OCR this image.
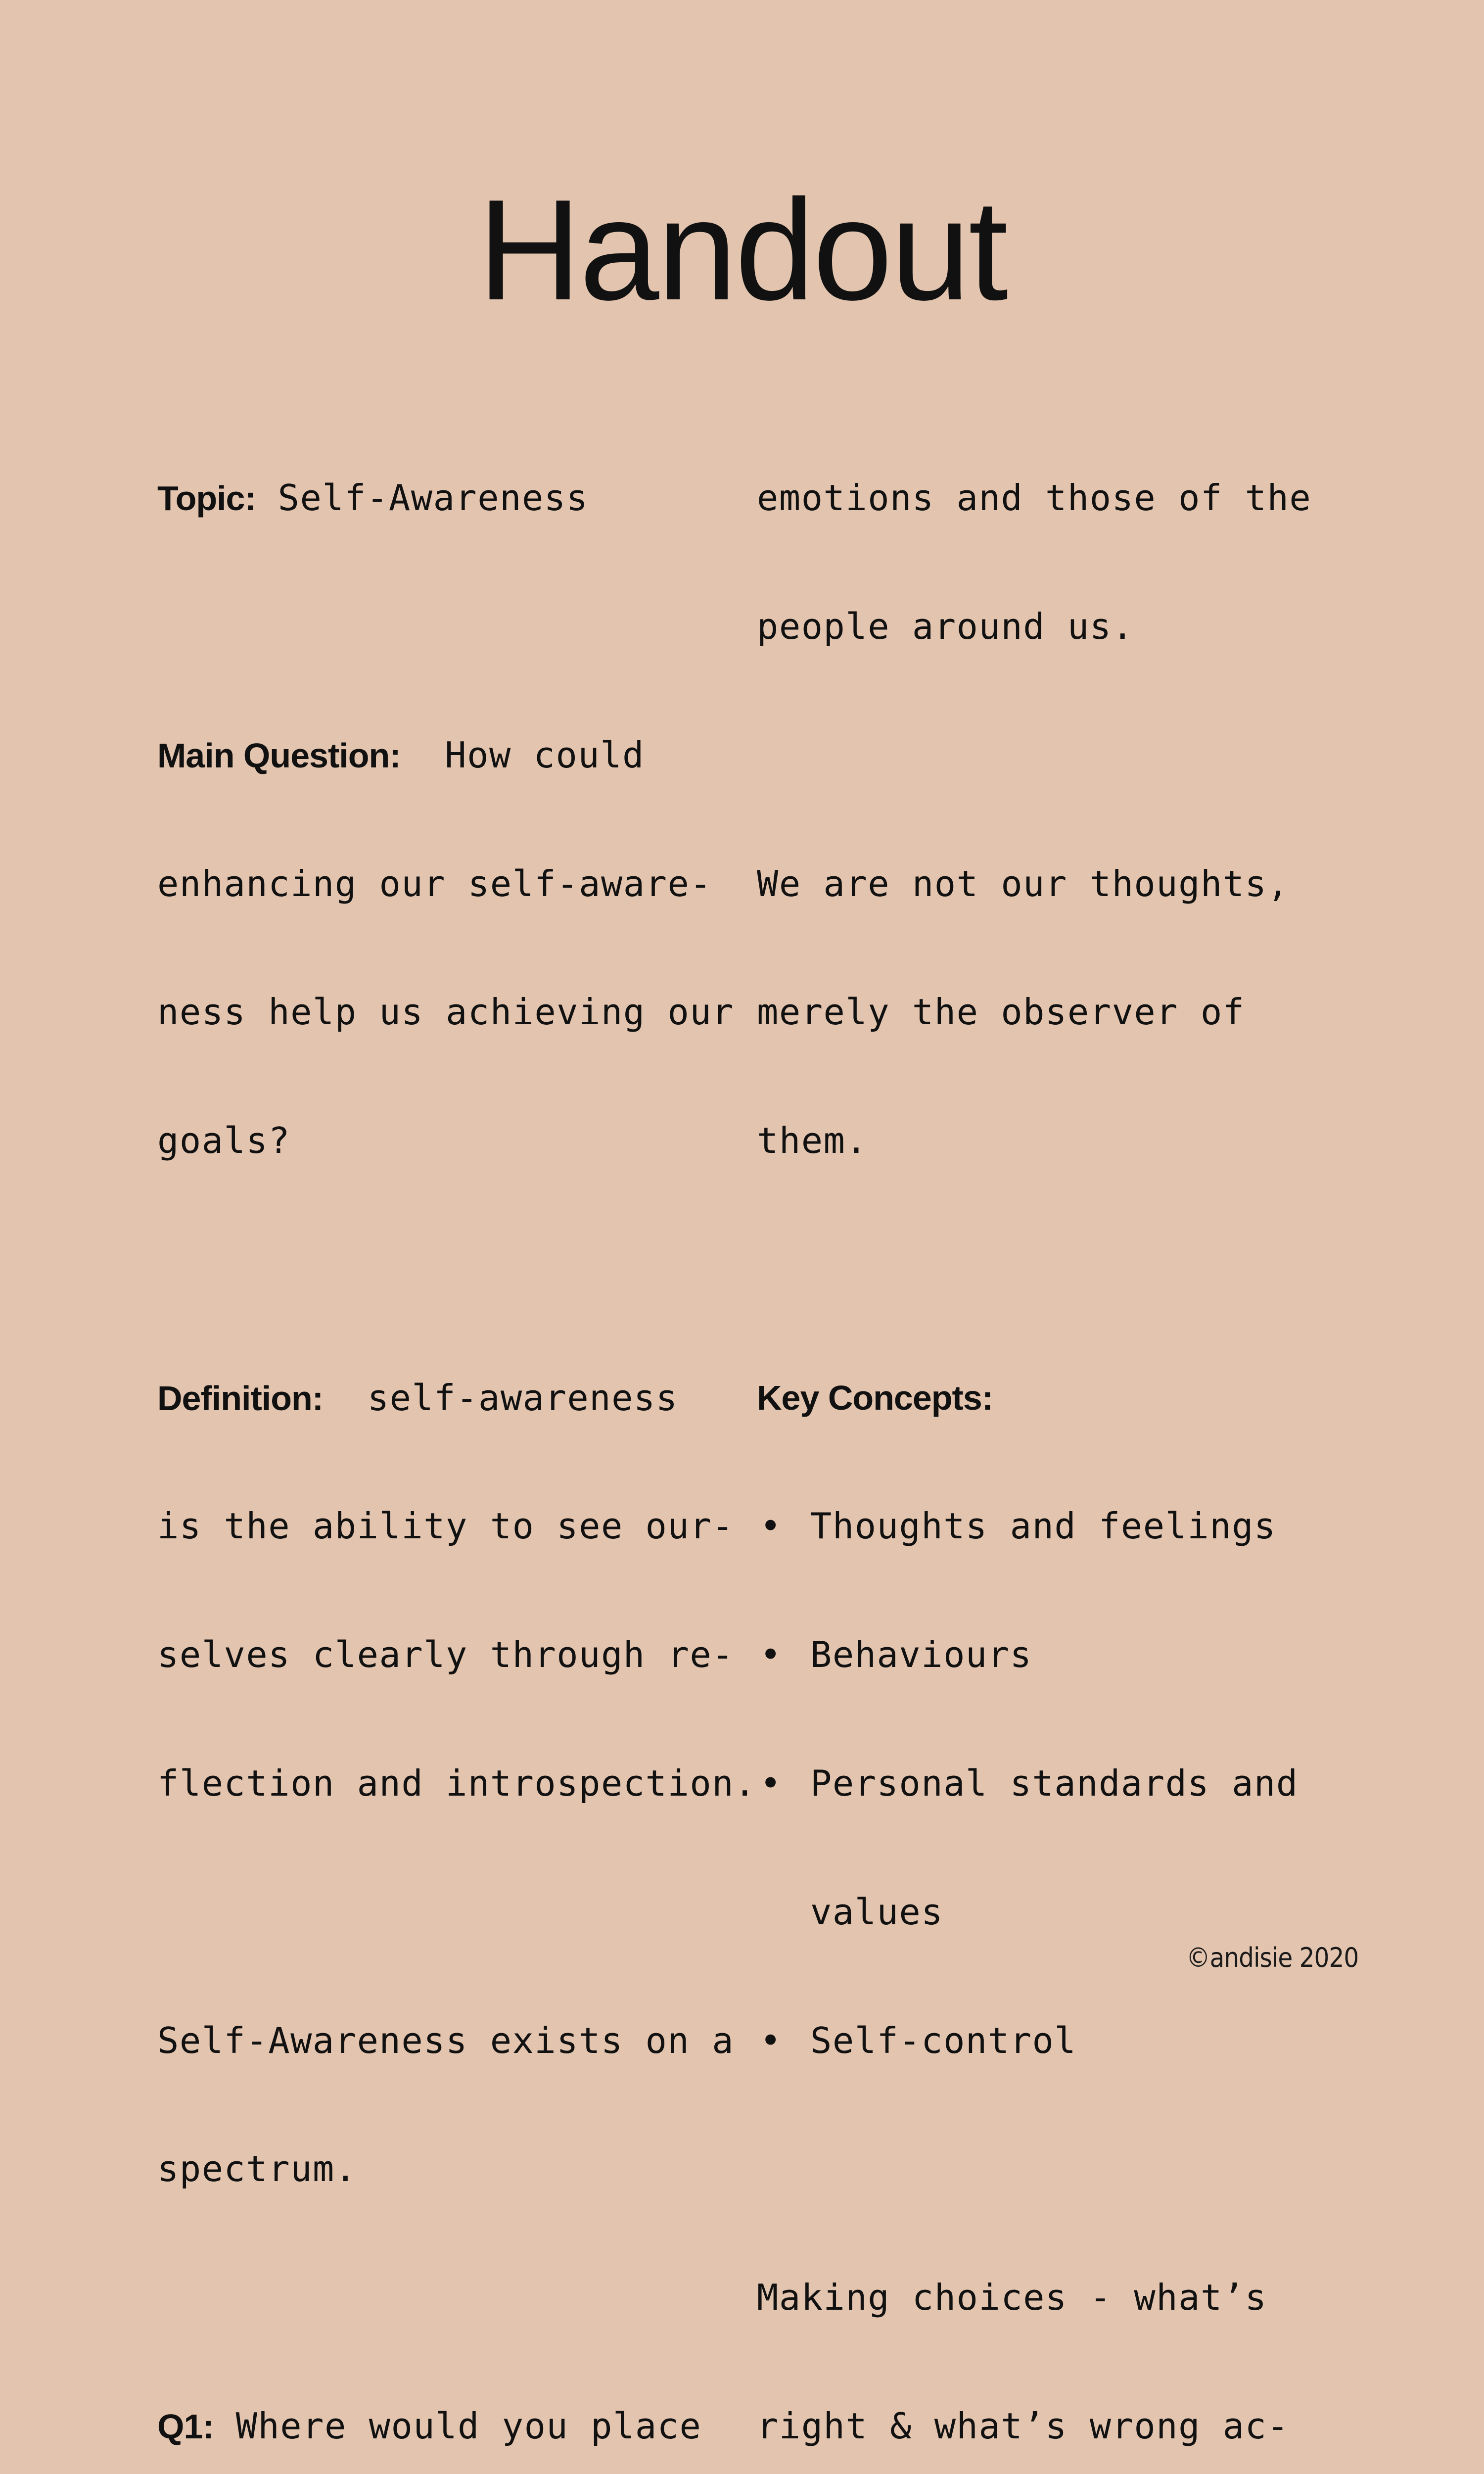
Handout

Topic: Self-Awareness

Main Question: How could

enhancing our self-aware-

ness help us achieving our

goals?

Definition: self-awareness

is the ability to see our-

selves clearly through re-

flection and introspection.

Self-Awareness exists on a

spectrum.

Q1: Where would you place

emotions and those of the

people around us.

We are not our thoughts,

merely the observer of

them.

Key Concepts:

• Thoughts and feelings

• Behaviours

• Personal standards and

values

• Self-control

Making choices - what’s

right & what’s wrong ac-

©andisie 2020
